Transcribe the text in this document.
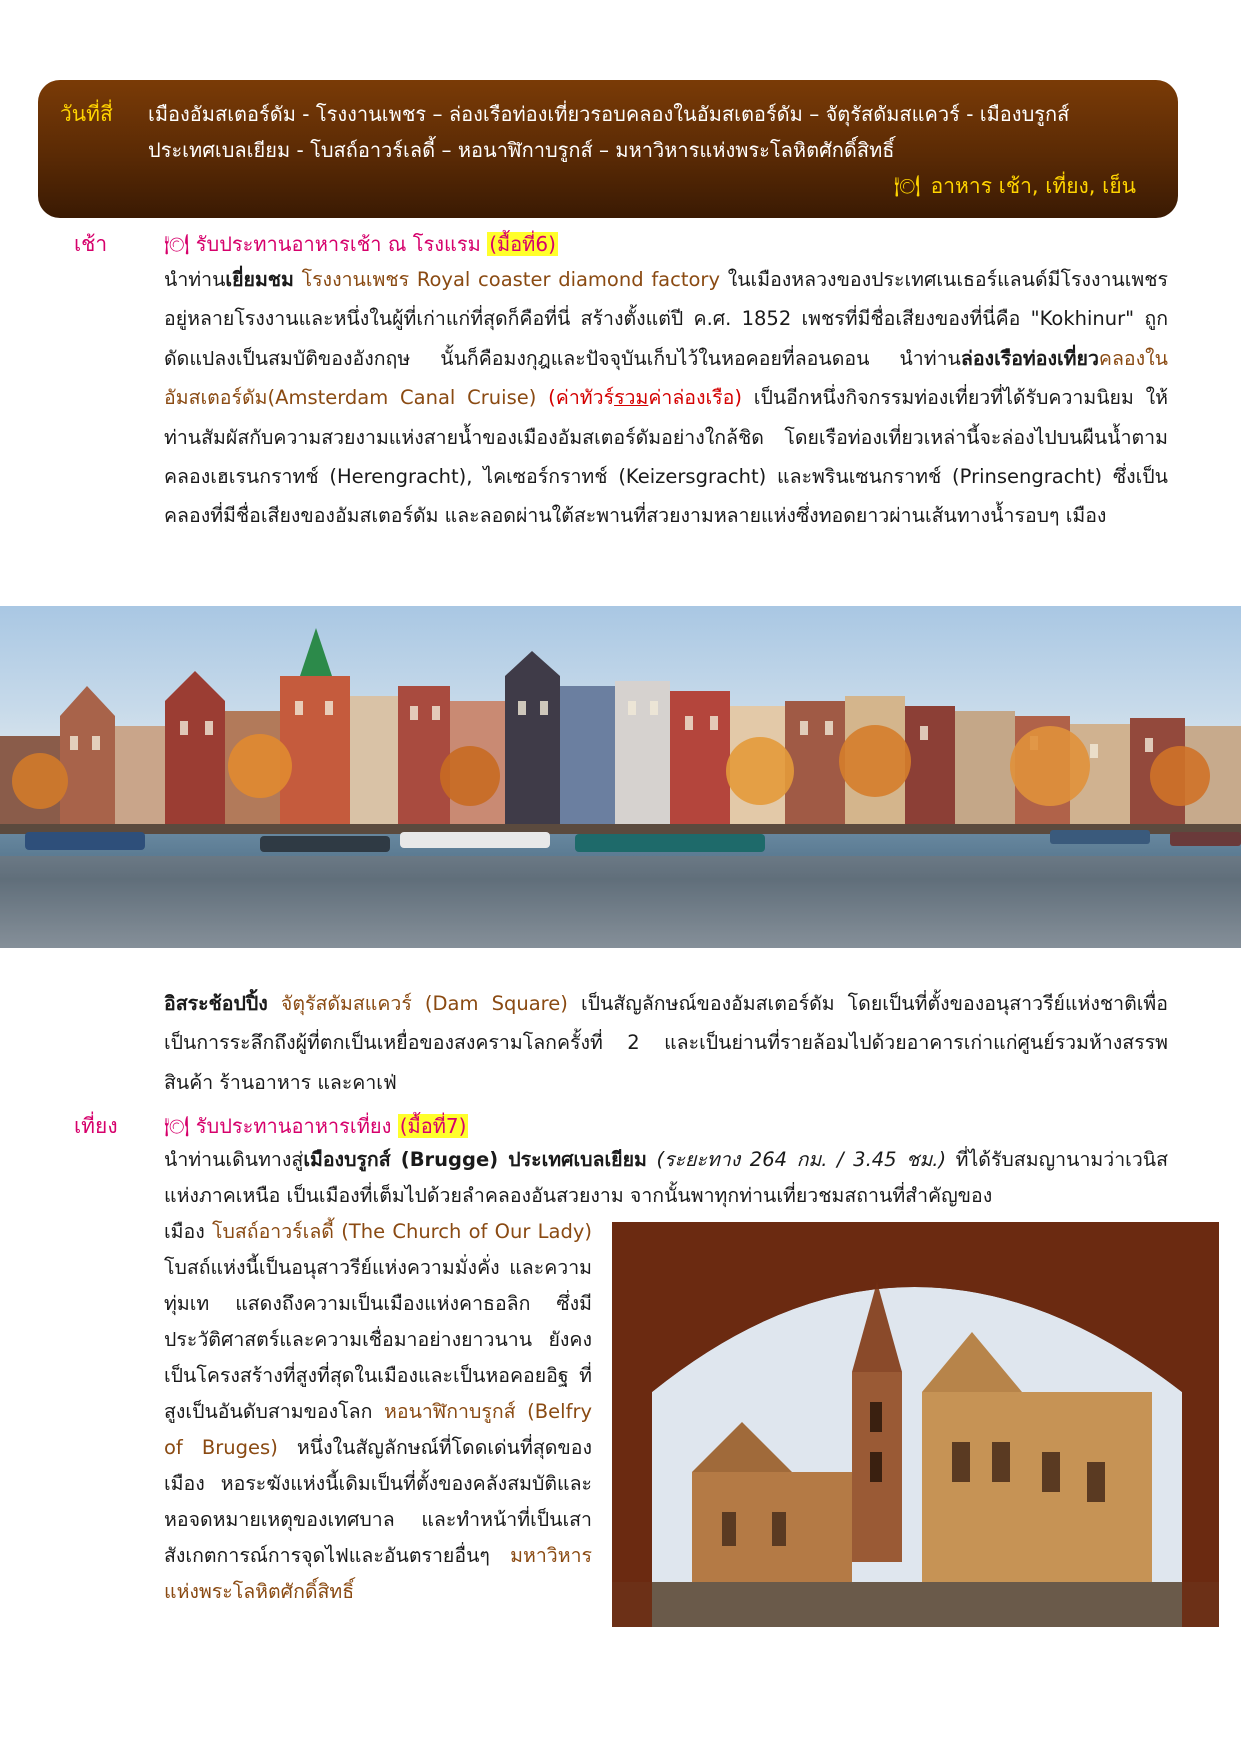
วันที่สี่ เมืองอัมสเตอร์ดัม - โรงงานเพชร – ล่องเรือท่องเที่ยวรอบคลองในอัมสเตอร์ดัม – จัตุรัสดัมสแควร์ - เมืองบรูกส์
ประเทศเบลเยียม - โบสถ์อาวร์เลดี้ – หอนาฬิกาบรูกส์ – มหาวิหารแห่งพระโลหิตศักดิ์สิทธิ์
🍽 อาหาร เช้า, เที่ยง, เย็น
เช้า	🍽 รับประทานอาหารเช้า ณ โรงแรม (มื้อที่6)
นำท่านเยี่ยมชม โรงงานเพชร Royal coaster diamond factory ในเมืองหลวงของประเทศเนเธอร์แลนด์มีโรงงานเพชรอยู่หลายโรงงานและหนึ่งในผู้ที่เก่าแก่ที่สุดก็คือที่นี่ สร้างตั้งแต่ปี ค.ศ. 1852 เพชรที่มีชื่อเสียงของที่นี่คือ "Kokhinur" ถูกดัดแปลงเป็นสมบัติของอังกฤษ นั้นก็คือมงกุฎและปัจจุบันเก็บไว้ในหอคอยที่ลอนดอน นำท่านล่องเรือท่องเที่ยวคลองในอัมสเตอร์ดัม(Amsterdam Canal Cruise) (ค่าทัวร์รวมค่าล่องเรือ) เป็นอีกหนึ่งกิจกรรมท่องเที่ยวที่ได้รับความนิยม ให้ท่านสัมผัสกับความสวยงามแห่งสายน้ำของเมืองอัมสเตอร์ดัมอย่างใกล้ชิด โดยเรือท่องเที่ยวเหล่านี้จะล่องไปบนผืนน้ำตามคลองเฮเรนกราทช์ (Herengracht), ไคเซอร์กราทช์ (Keizersgracht) และพรินเซนกราทช์ (Prinsengracht) ซึ่งเป็นคลองที่มีชื่อเสียงของอัมสเตอร์ดัม และลอดผ่านใต้สะพานที่สวยงามหลายแห่งซึ่งทอดยาวผ่านเส้นทางน้ำรอบๆ เมือง
อิสระช้อปปิ้ง จัตุรัสดัมสแควร์ (Dam Square) เป็นสัญลักษณ์ของอัมสเตอร์ดัม โดยเป็นที่ตั้งของอนุสาวรีย์แห่งชาติเพื่อเป็นการระลึกถึงผู้ที่ตกเป็นเหยื่อของสงครามโลกครั้งที่ 2 และเป็นย่านที่รายล้อมไปด้วยอาคารเก่าแก่ศูนย์รวมห้างสรรพสินค้า ร้านอาหาร และคาเฟ่
เที่ยง 🍽 รับประทานอาหารเที่ยง (มื้อที่7)
นำท่านเดินทางสู่เมืองบรูกส์ (Brugge) ประเทศเบลเยียม (ระยะทาง 264 กม. / 3.45 ชม.) ที่ได้รับสมญานามว่าเวนิสแห่งภาคเหนือ เป็นเมืองที่เต็มไปด้วยลำคลองอันสวยงาม จากนั้นพาทุกท่านเที่ยวชมสถานที่สำคัญของ
เมือง โบสถ์อาวร์เลดี้ (The Church of Our Lady) โบสถ์แห่งนี้เป็นอนุสาวรีย์แห่งความมั่งคั่ง และความทุ่มเท แสดงถึงความเป็นเมืองแห่งคาธอลิก ซึ่งมีประวัติศาสตร์และความเชื่อมาอย่างยาวนาน ยังคงเป็นโครงสร้างที่สูงที่สุดในเมืองและเป็นหอคอยอิฐ ที่สูงเป็นอันดับสามของโลก หอนาฬิกาบรูกส์ (Belfry of Bruges) หนึ่งในสัญลักษณ์ที่โดดเด่นที่สุดของเมือง หอระฆังแห่งนี้เดิมเป็นที่ตั้งของคลังสมบัติและหอจดหมายเหตุของเทศบาล และทำหน้าที่เป็นเสาสังเกตการณ์การจุดไฟและอันตรายอื่นๆ มหาวิหารแห่งพระโลหิตศักดิ์สิทธิ์
